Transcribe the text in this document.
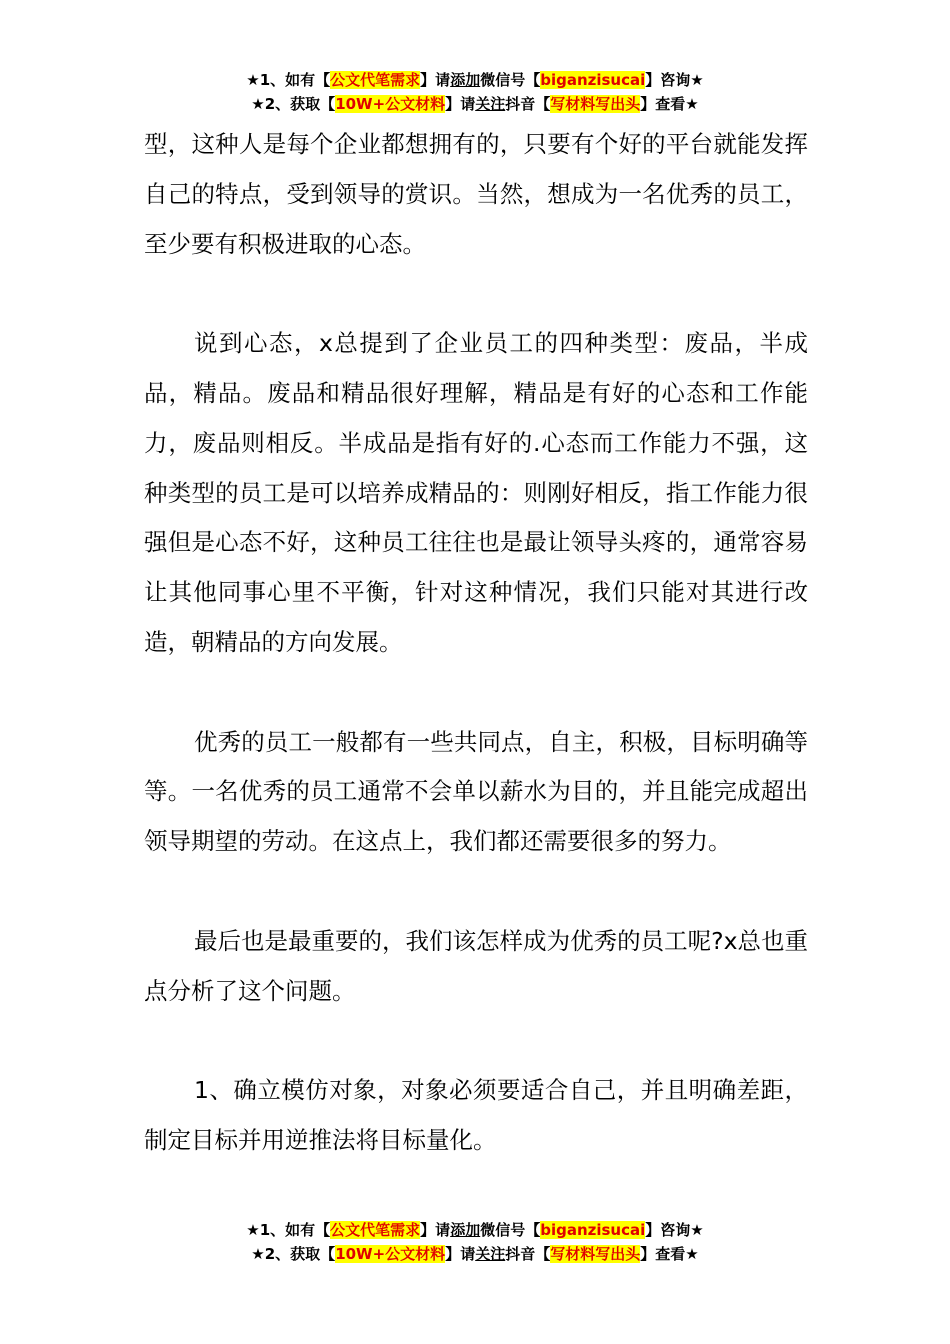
★1、如有【公文代笔需求】请添加微信号【biganzisucai】咨询★
★2、获取【10W+公文材料】请关注抖音【写材料写出头】查看★

型，这种人是每个企业都想拥有的，只要有个好的平台就能发挥自己的特点，受到领导的赏识。当然，想成为一名优秀的员工，至少要有积极进取的心态。

说到心态，x总提到了企业员工的四种类型：废品，半成品，精品。废品和精品很好理解，精品是有好的心态和工作能力，废品则相反。半成品是指有好的.心态而工作能力不强，这种类型的员工是可以培养成精品的：则刚好相反，指工作能力很强但是心态不好，这种员工往往也是最让领导头疼的，通常容易让其他同事心里不平衡，针对这种情况，我们只能对其进行改造，朝精品的方向发展。

优秀的员工一般都有一些共同点，自主，积极，目标明确等等。一名优秀的员工通常不会单以薪水为目的，并且能完成超出领导期望的劳动。在这点上，我们都还需要很多的努力。

最后也是最重要的，我们该怎样成为优秀的员工呢?x总也重点分析了这个问题。

1、确立模仿对象，对象必须要适合自己，并且明确差距，制定目标并用逆推法将目标量化。

★1、如有【公文代笔需求】请添加微信号【biganzisucai】咨询★
★2、获取【10W+公文材料】请关注抖音【写材料写出头】查看★
